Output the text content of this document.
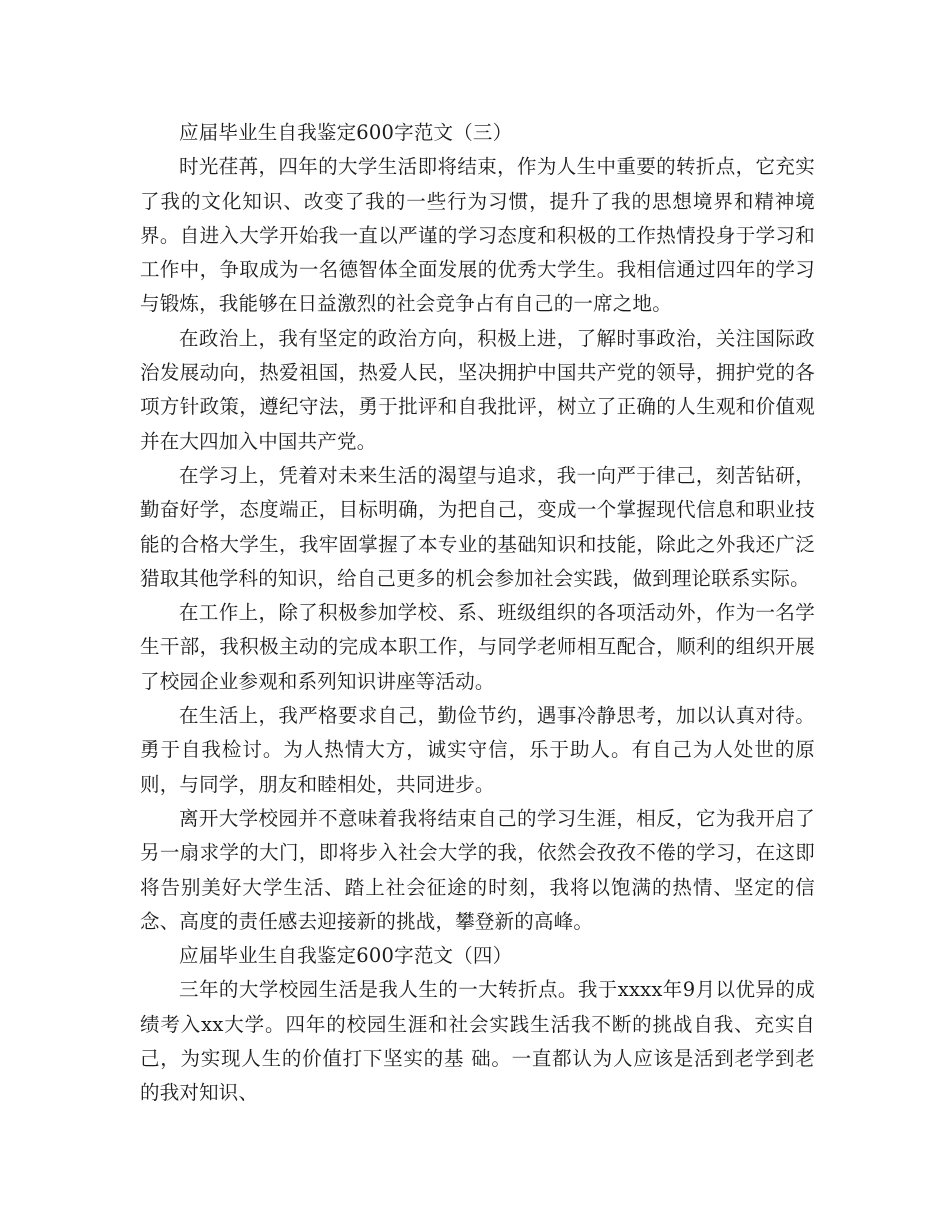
应届毕业生自我鉴定600字范文（三）

时光荏苒，四年的大学生活即将结束，作为人生中重要的转折点，它充实了我的文化知识、改变了我的一些行为习惯，提升了我的思想境界和精神境界。自进入大学开始我一直以严谨的学习态度和积极的工作热情投身于学习和工作中，争取成为一名德智体全面发展的优秀大学生。我相信通过四年的学习与锻炼，我能够在日益激烈的社会竞争占有自己的一席之地。

在政治上，我有坚定的政治方向，积极上进，了解时事政治，关注国际政治发展动向，热爱祖国，热爱人民，坚决拥护中国共产党的领导，拥护党的各项方针政策，遵纪守法，勇于批评和自我批评，树立了正确的人生观和价值观并在大四加入中国共产党。

在学习上，凭着对未来生活的渴望与追求，我一向严于律己，刻苦钻研，勤奋好学，态度端正，目标明确，为把自己，变成一个掌握现代信息和职业技能的合格大学生，我牢固掌握了本专业的基础知识和技能，除此之外我还广泛猎取其他学科的知识，给自己更多的机会参加社会实践，做到理论联系实际。

在工作上，除了积极参加学校、系、班级组织的各项活动外，作为一名学生干部，我积极主动的完成本职工作，与同学老师相互配合，顺利的组织开展了校园企业参观和系列知识讲座等活动。

在生活上，我严格要求自己，勤俭节约，遇事冷静思考，加以认真对待。勇于自我检讨。为人热情大方，诚实守信，乐于助人。有自己为人处世的原则，与同学，朋友和睦相处，共同进步。

离开大学校园并不意味着我将结束自己的学习生涯，相反，它为我开启了另一扇求学的大门，即将步入社会大学的我，依然会孜孜不倦的学习，在这即将告别美好大学生活、踏上社会征途的时刻，我将以饱满的热情、坚定的信念、高度的责任感去迎接新的挑战，攀登新的高峰。

应届毕业生自我鉴定600字范文（四）

三年的大学校园生活是我人生的一大转折点。我于xxxx年9月以优异的成绩考入xx大学。四年的校园生涯和社会实践生活我不断的挑战自我、充实自己，为实现人生的价值打下坚实的基 础。一直都认为人应该是活到老学到老的我对知识、
